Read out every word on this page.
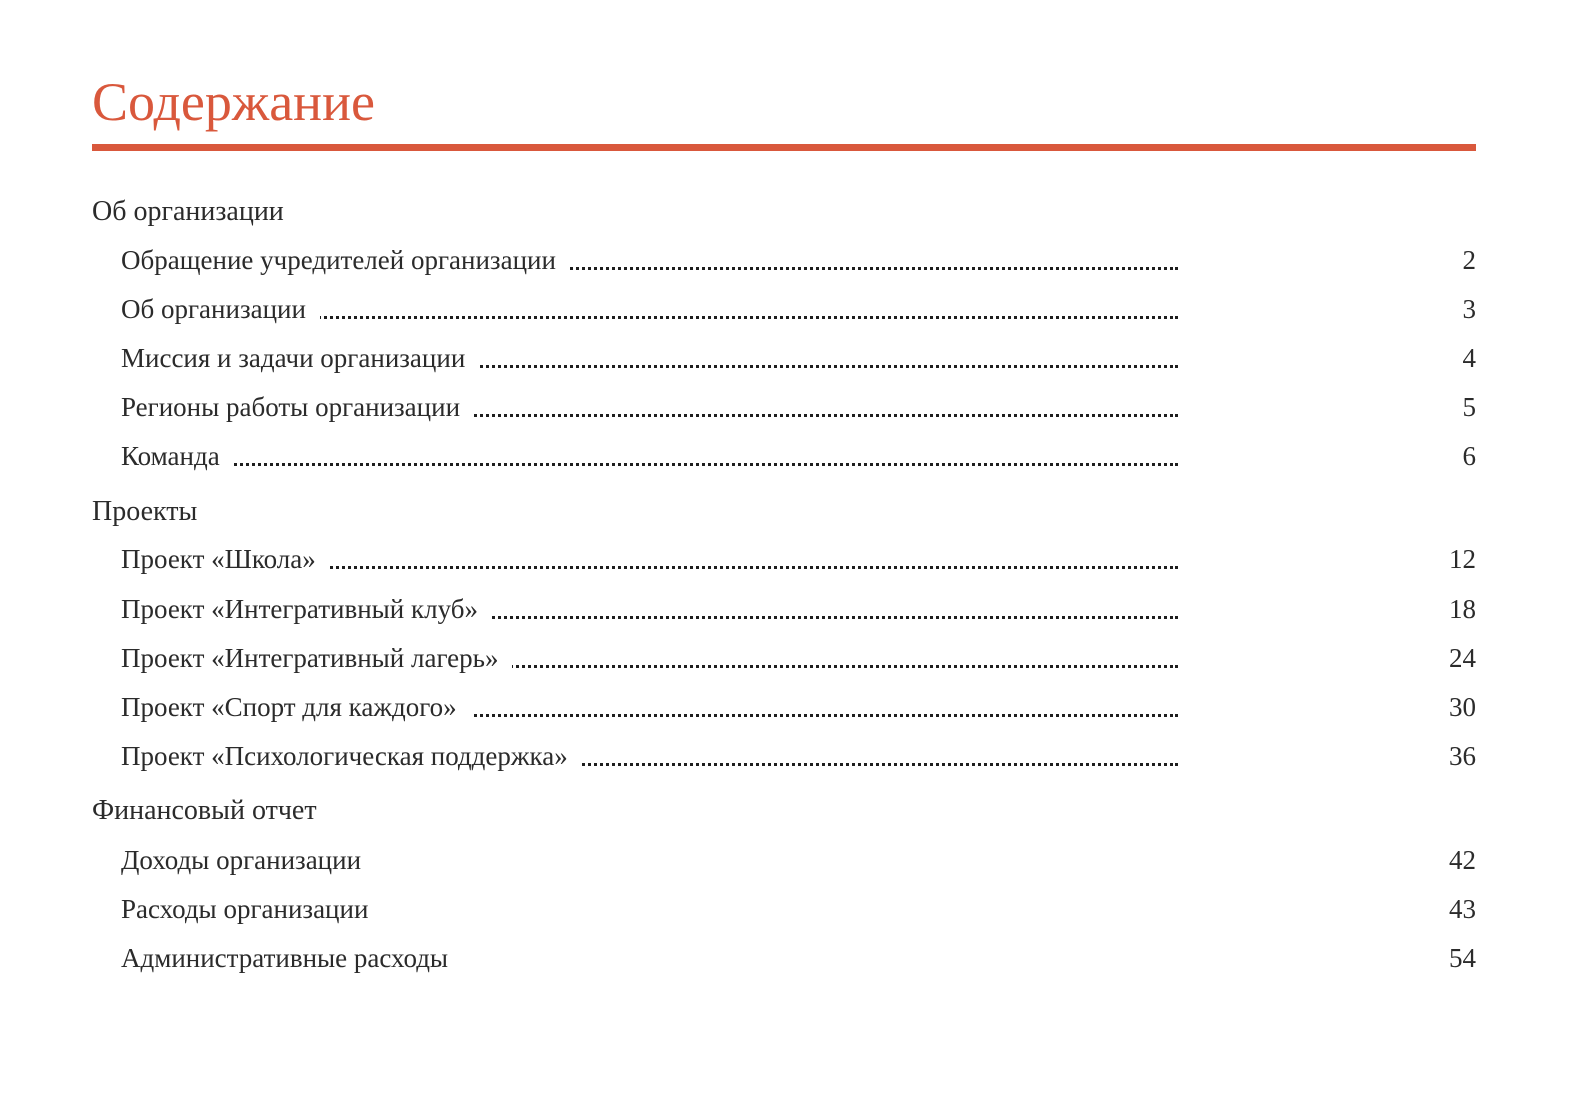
Содержание
Об организации
Обращение учредителей организации	2
Об организации	3
Миссия и задачи организации	4
Регионы работы организации	5
Команда	6
Проекты
Проект «Школа»	12
Проект «Интегративный клуб»	18
Проект «Интегративный лагерь»	24
Проект «Спорт для каждого»	30
Проект «Психологическая поддержка»	36
Финансовый отчет
Доходы организации	42
Расходы организации	43
Административные расходы	54
